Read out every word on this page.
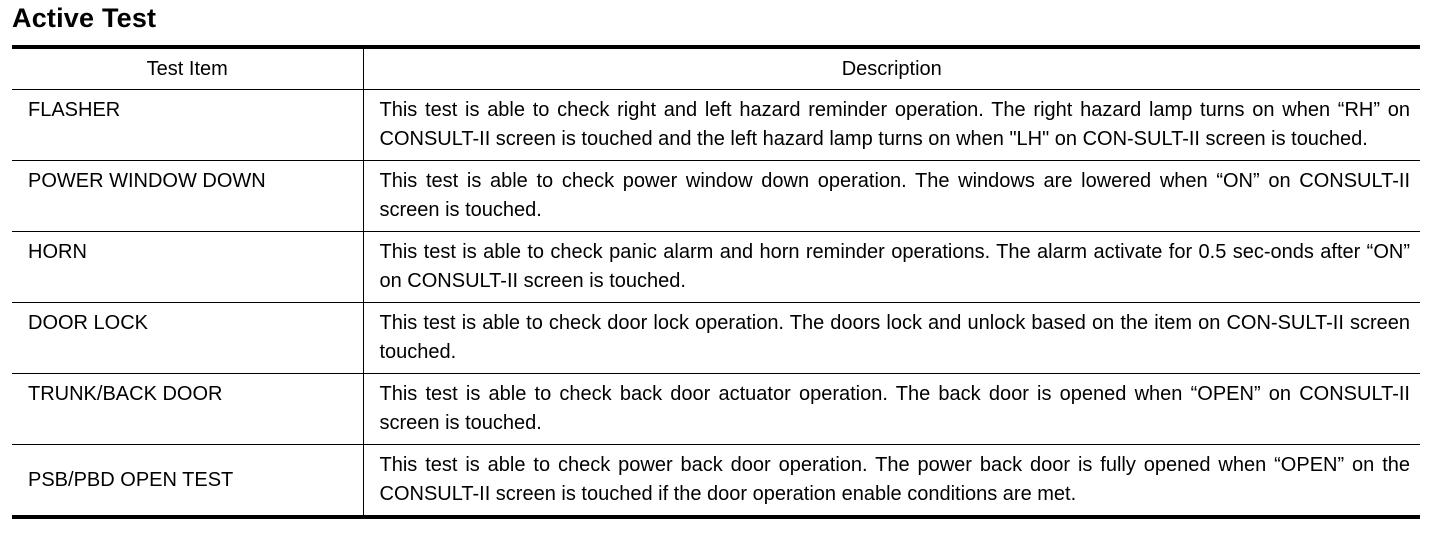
Active Test
Test Item	Description
FLASHER	This test is able to check right and left hazard reminder operation. The right hazard lamp turns on when “RH” on CONSULT-II screen is touched and the left hazard lamp turns on when "LH" on CON-SULT-II screen is touched.
POWER WINDOW DOWN	This test is able to check power window down operation. The windows are lowered when “ON” on CONSULT-II screen is touched.
HORN	This test is able to check panic alarm and horn reminder operations. The alarm activate for 0.5 sec-onds after “ON” on CONSULT-II screen is touched.
DOOR LOCK	This test is able to check door lock operation. The doors lock and unlock based on the item on CON-SULT-II screen touched.
TRUNK/BACK DOOR	This test is able to check back door actuator operation. The back door is opened when “OPEN” on CONSULT-II screen is touched.
PSB/PBD OPEN TEST	This test is able to check power back door operation. The power back door is fully opened when “OPEN” on the CONSULT-II screen is touched if the door operation enable conditions are met.
